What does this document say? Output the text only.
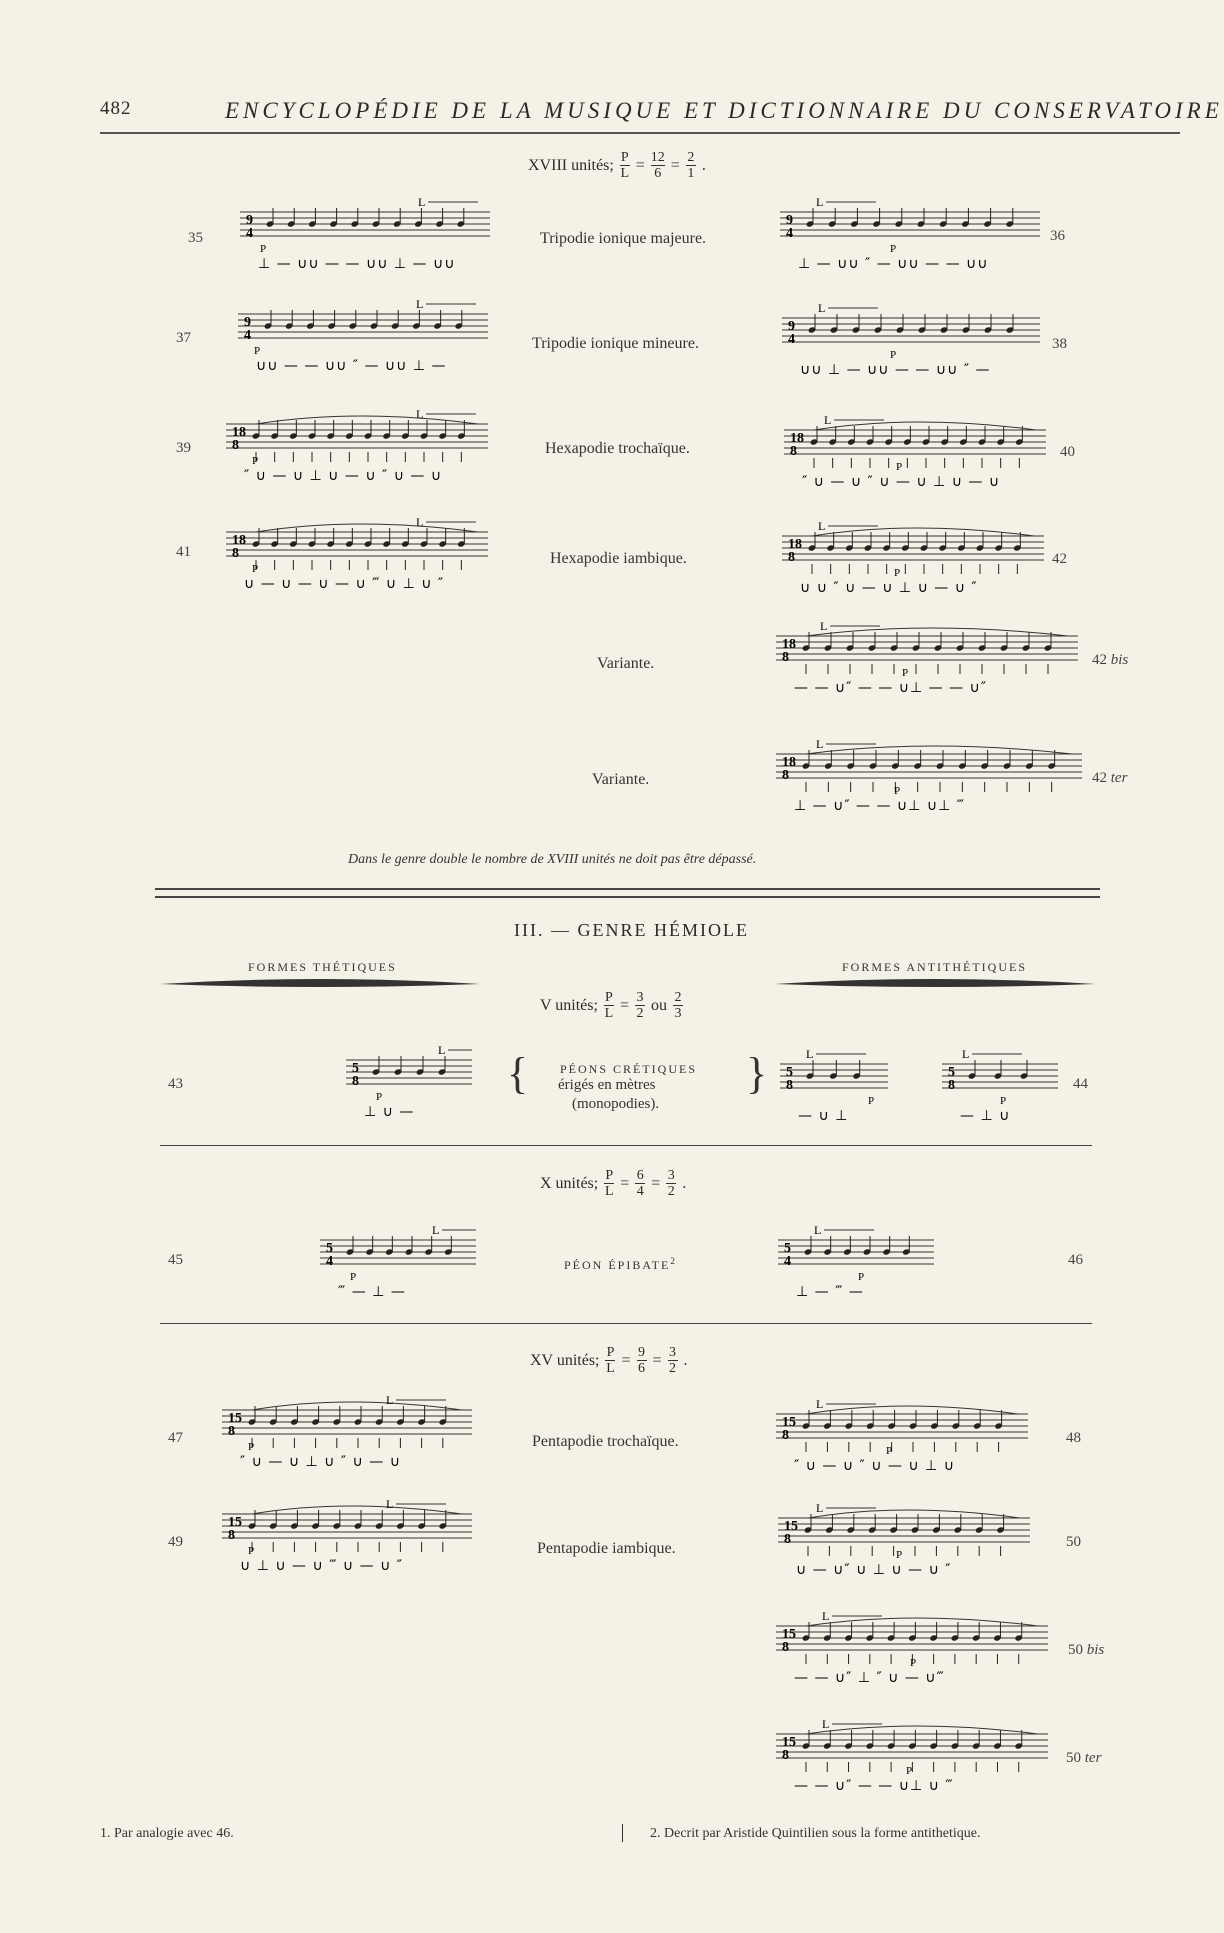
482	ENCYCLOPÉDIE DE LA MUSIQUE ET DICTIONNAIRE DU CONSERVATOIRE
XVIII unités; $\frac{P}{L} = \frac{12}{6} = \frac{2}{1}$ .
35	Tripodie ionique majeure.	36
37	Tripodie ionique mineure.	38
39	Hexapodie trochaïque.	40
41	Hexapodie iambique.	42
Variante.	42 bis
Variante.	42 ter
Dans le genre double le nombre de XVIII unités ne doit pas être dépassé.
III. — GENRE HÉMIOLE
FORMES THÉTIQUES	FORMES ANTITHÉTIQUES
V unités; $\frac{P}{L} = \frac{3}{2}$ ou $\frac{2}{3}$
43	44
{	}
PÉONS CRÉTIQUES
érigés en mètres
(monopodies).
X unités; $\frac{P}{L} = \frac{6}{4} = \frac{3}{2}$ .
45	PÉON ÉPIBATE$^2$	46
XV unités; $\frac{P}{L} = \frac{9}{6} = \frac{3}{2}$ .
47	Pentapodie trochaïque.	48
49	Pentapodie iambique.	50
50 bis
50 ter
1. Par analogie avec 46.	2. Decrit par Aristide Quintilien sous la forme antithetique.
9
4
L
P
⊥ — ∪∪ — — ∪∪ ⊥ — ∪∪
9
4
L
P
⊥ — ∪∪ ″ — ∪∪ — — ∪∪
9
4
L
P
∪∪ — — ∪∪ ″ — ∪∪ ⊥ —
9
4
L
P
∪∪ ⊥ — ∪∪ — — ∪∪ ″ —
18
8
L
P
″ ∪ — ∪ ⊥ ∪ — ∪ ″ ∪ — ∪
18
8
L
P
″ ∪ — ∪ ″ ∪ — ∪ ⊥ ∪ — ∪
18
8
L
P
∪ — ∪ — ∪ — ∪ ‴ ∪ ⊥ ∪ ″
18
8
L
P
∪ ∪ ″ ∪ — ∪ ⊥ ∪ — ∪ ″
18
8
L
P
— — ∪″ — — ∪⊥ — — ∪″
18
8
L
P
⊥ — ∪″ — — ∪⊥ ∪⊥ ‴
5
8
L
P
⊥ ∪ —
5
8
L
P
— ∪ ⊥
5
8
L
P
— ⊥ ∪
5
4
L
P
‴ — ⊥ —
5
4
L
P
⊥ — ‴ —
15
8
L
P
″ ∪ — ∪ ⊥ ∪ ″ ∪ — ∪
15
8
L
P
″ ∪ — ∪ ″ ∪ — ∪ ⊥ ∪
15
8
L
P
∪ ⊥ ∪ — ∪ ‴ ∪ — ∪ ″
15
8
L
P
∪ — ∪″ ∪ ⊥ ∪ — ∪ ″
15
8
L
P
— — ∪″ ⊥ ″ ∪ — ∪‴
15
8
L
P
— — ∪″ — — ∪⊥ ∪ ‴
